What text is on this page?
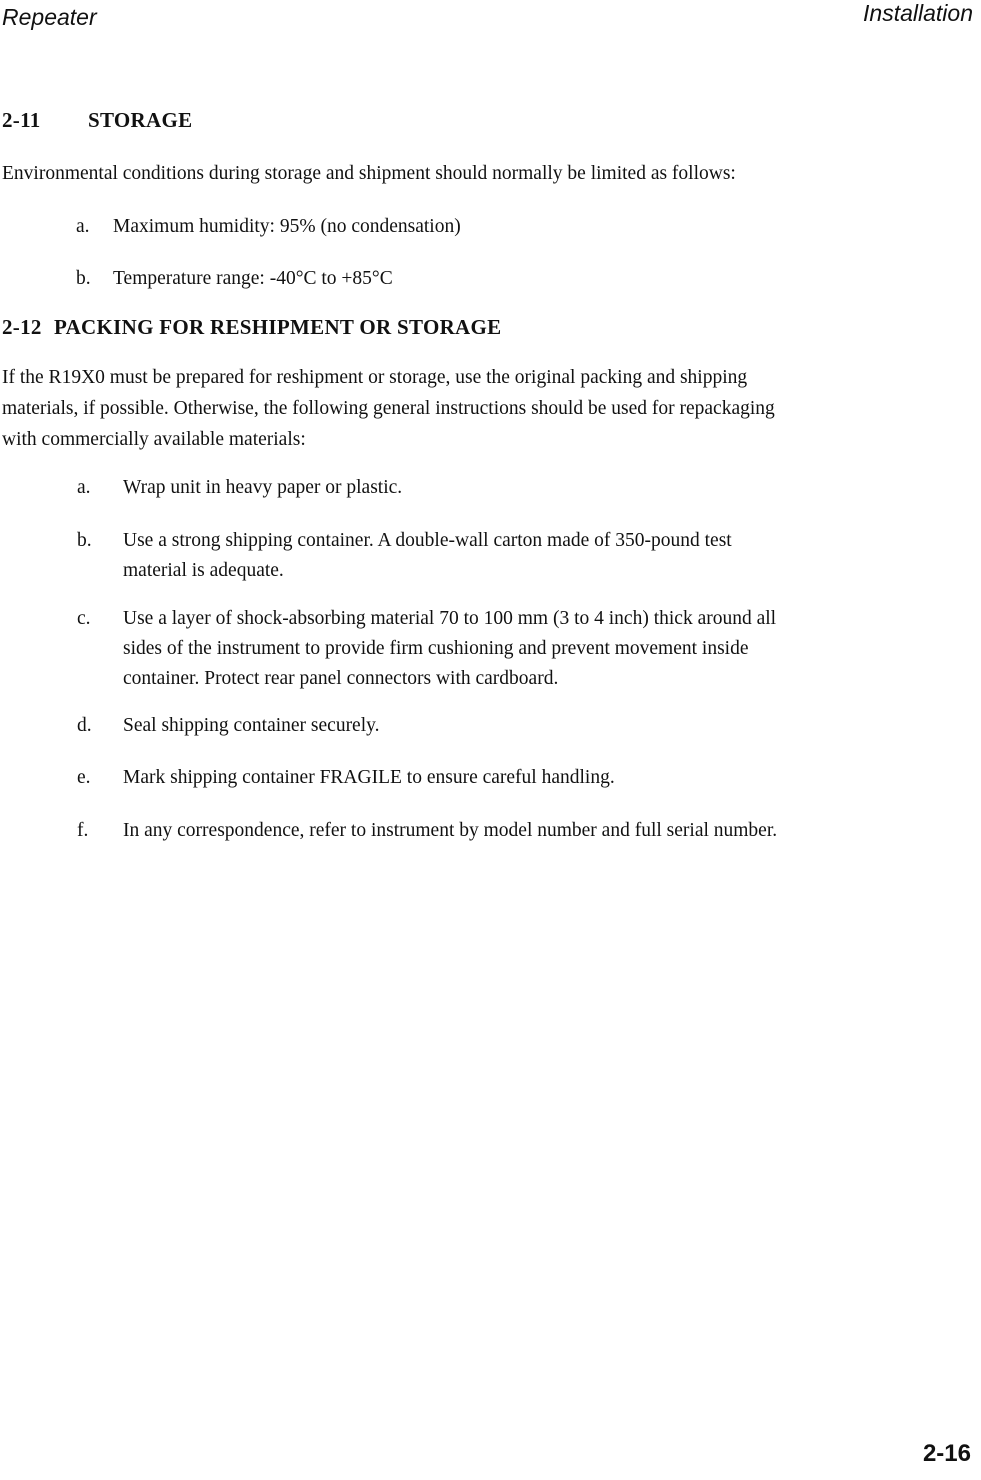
Repeater	Installation
2-11 STORAGE
Environmental conditions during storage and shipment should normally be limited as follows:
a. Maximum humidity: 95% (no condensation)
b. Temperature range: -40°C to +85°C
2-12 PACKING FOR RESHIPMENT OR STORAGE
If the R19X0 must be prepared for reshipment or storage, use the original packing and shipping
materials, if possible. Otherwise, the following general instructions should be used for repackaging
with commercially available materials:
a. Wrap unit in heavy paper or plastic.
b. Use a strong shipping container. A double-wall carton made of 350-pound test
material is adequate.
c. Use a layer of shock-absorbing material 70 to 100 mm (3 to 4 inch) thick around all
sides of the instrument to provide firm cushioning and prevent movement inside
container. Protect rear panel connectors with cardboard.
d. Seal shipping container securely.
e. Mark shipping container FRAGILE to ensure careful handling.
f. In any correspondence, refer to instrument by model number and full serial number.
2-16
